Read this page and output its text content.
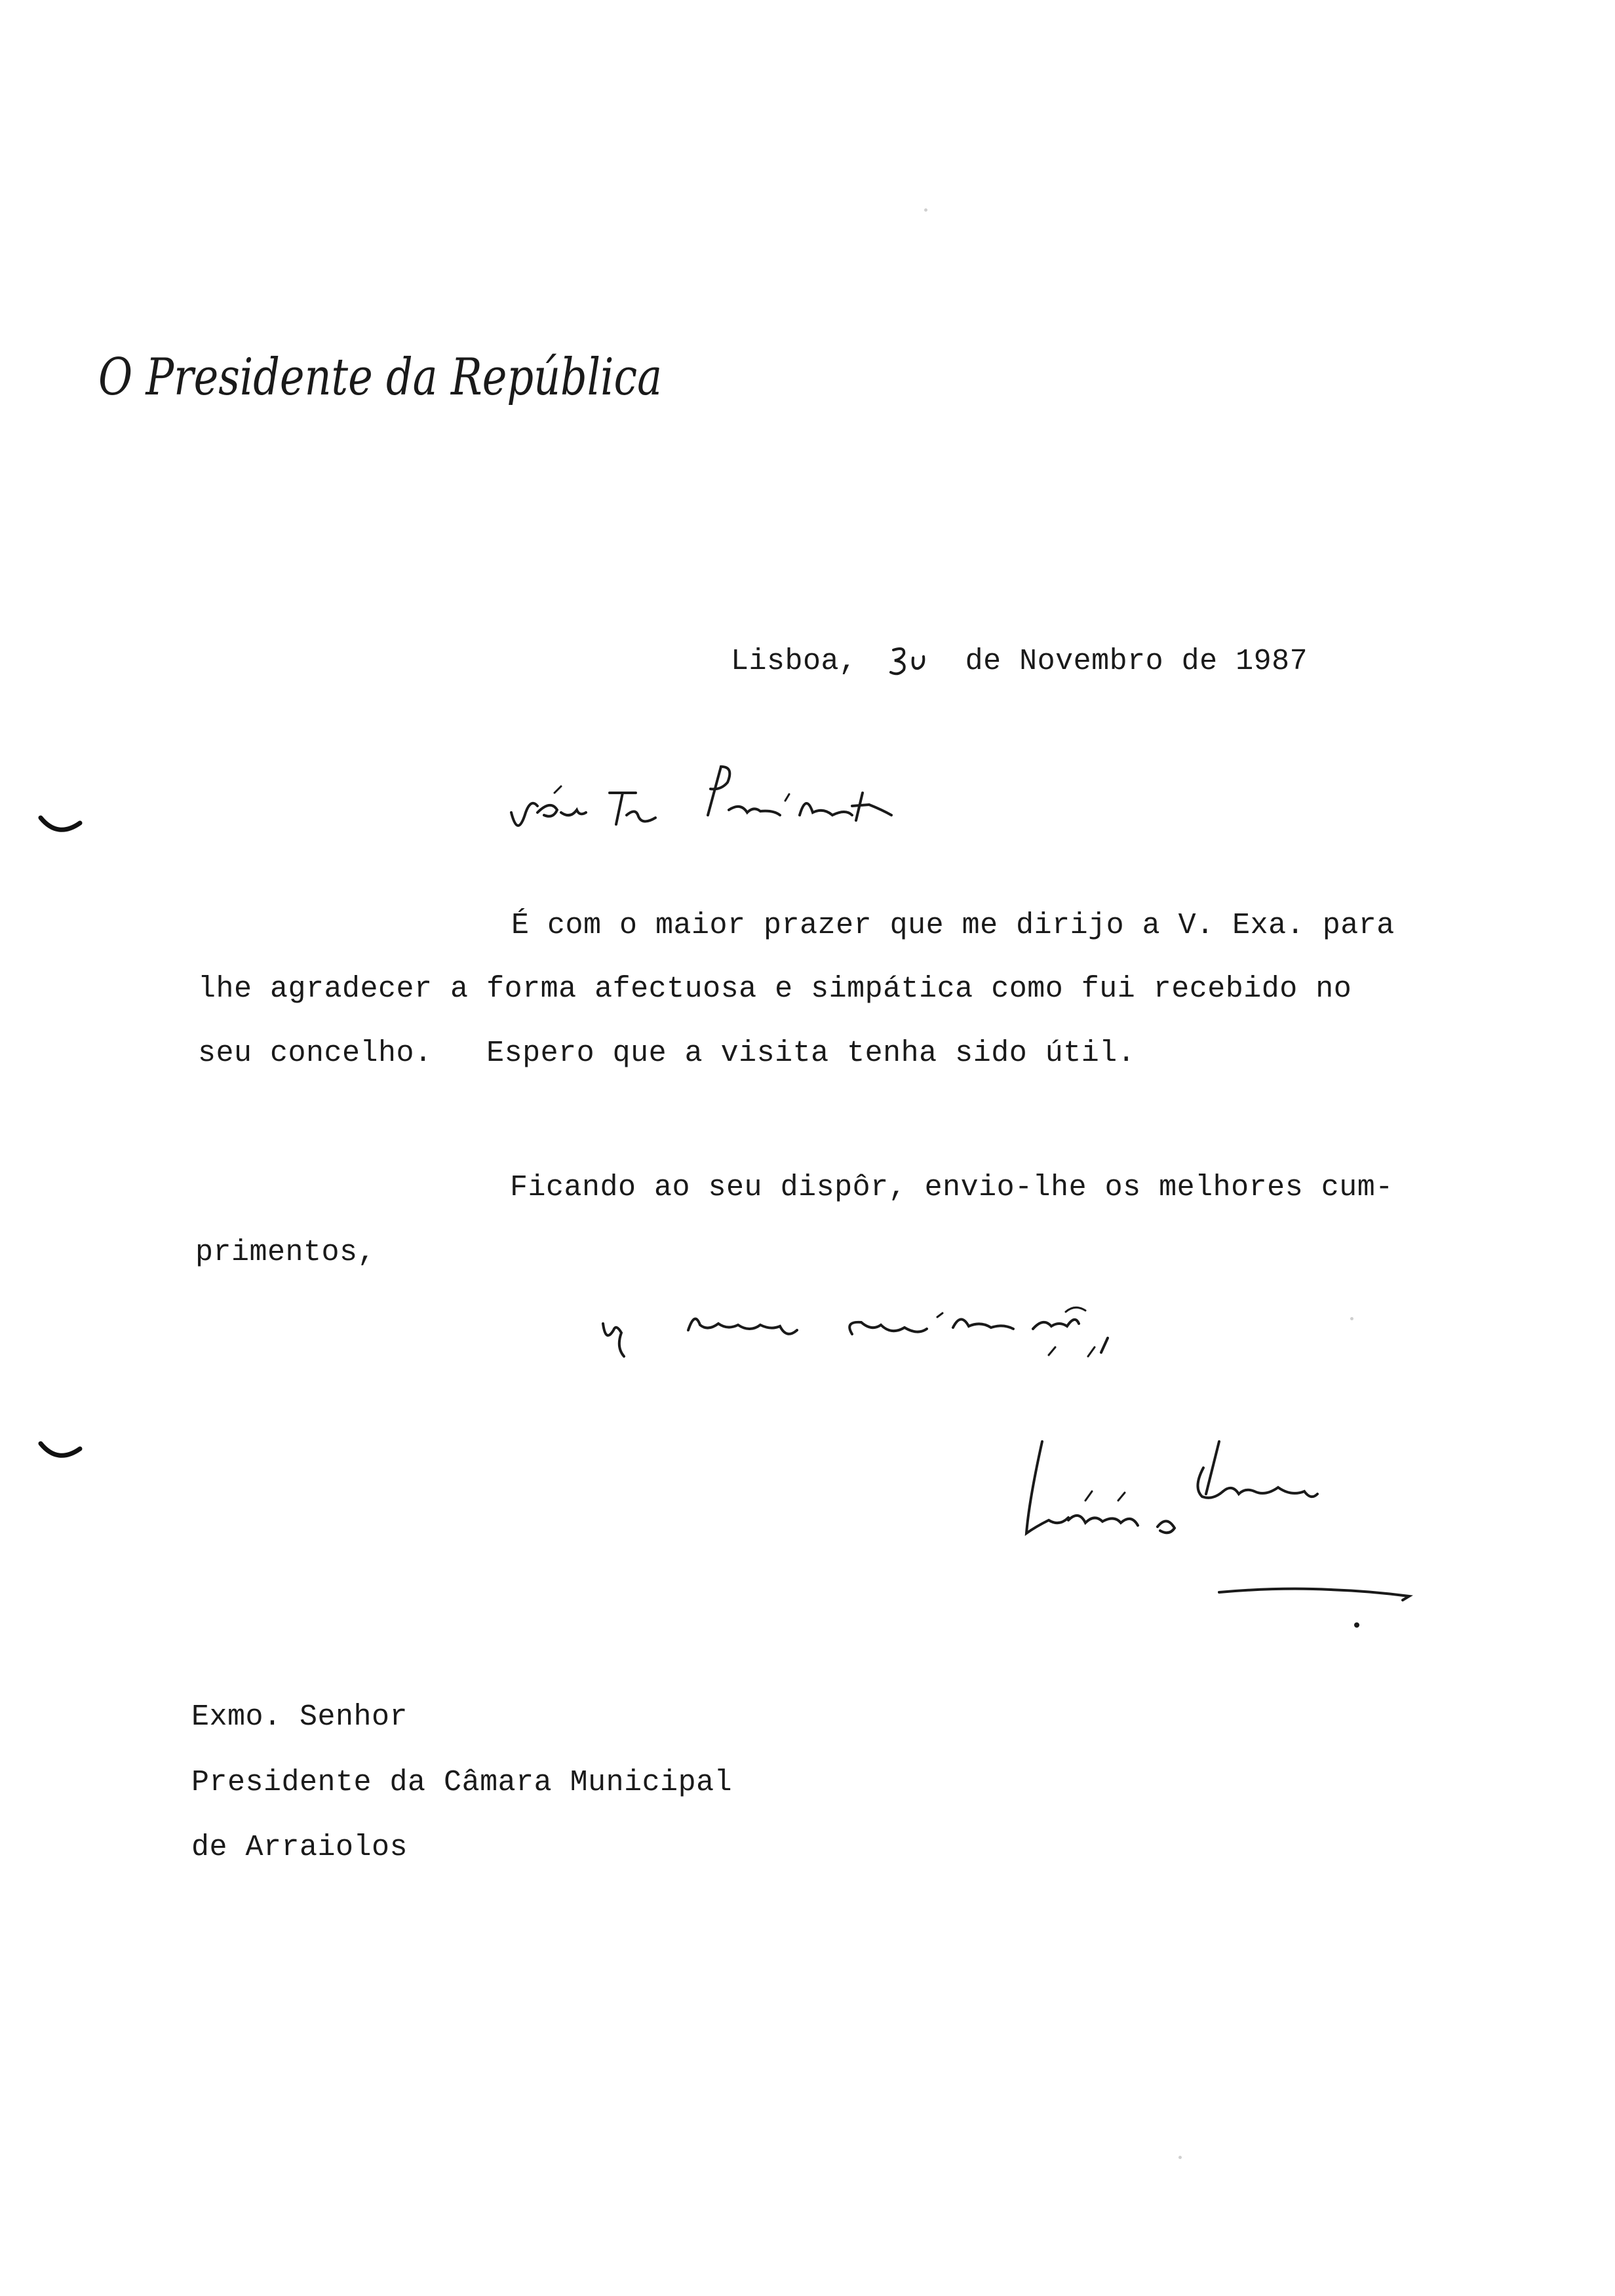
O Presidente da República
Lisboa,	de Novembro de 1987
É com o maior prazer que me dirijo a V. Exa. para
lhe agradecer a forma afectuosa e simpática como fui recebido no
seu concelho.   Espero que a visita tenha sido útil.
Ficando ao seu dispôr, envio-lhe os melhores cum-
primentos,
Exmo. Senhor
Presidente da Câmara Municipal
de Arraiolos
